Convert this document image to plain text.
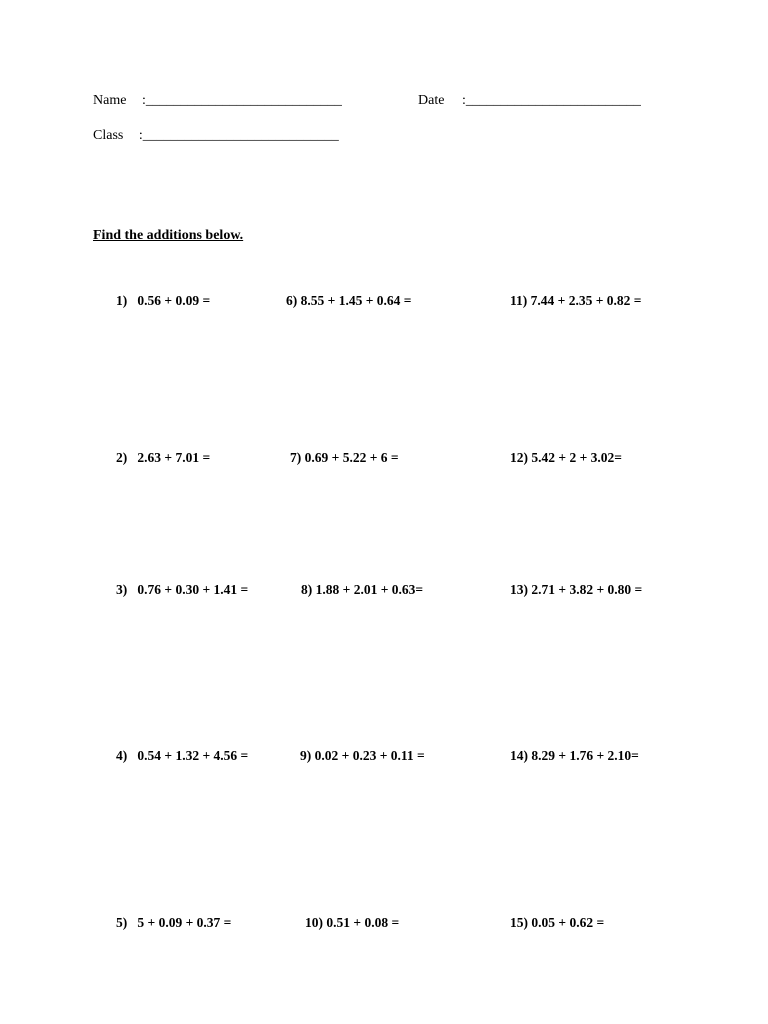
Name :____________________________	Date :_________________________
Class :____________________________
Find the additions below.
1)   0.56 + 0.09 =
2)   2.63 + 7.01 =
3)   0.76 + 0.30 + 1.41 =
4)   0.54 + 1.32 + 4.56 =
5)   5 + 0.09 + 0.37 =
6) 8.55 + 1.45 + 0.64 =
7) 0.69 + 5.22 + 6 =
8) 1.88 + 2.01 + 0.63=
9) 0.02 + 0.23 + 0.11 =
10) 0.51 + 0.08 =
11) 7.44 + 2.35 + 0.82 =
12) 5.42 + 2 + 3.02=
13) 2.71 + 3.82 + 0.80 =
14) 8.29 + 1.76 + 2.10=
15) 0.05 + 0.62 =
